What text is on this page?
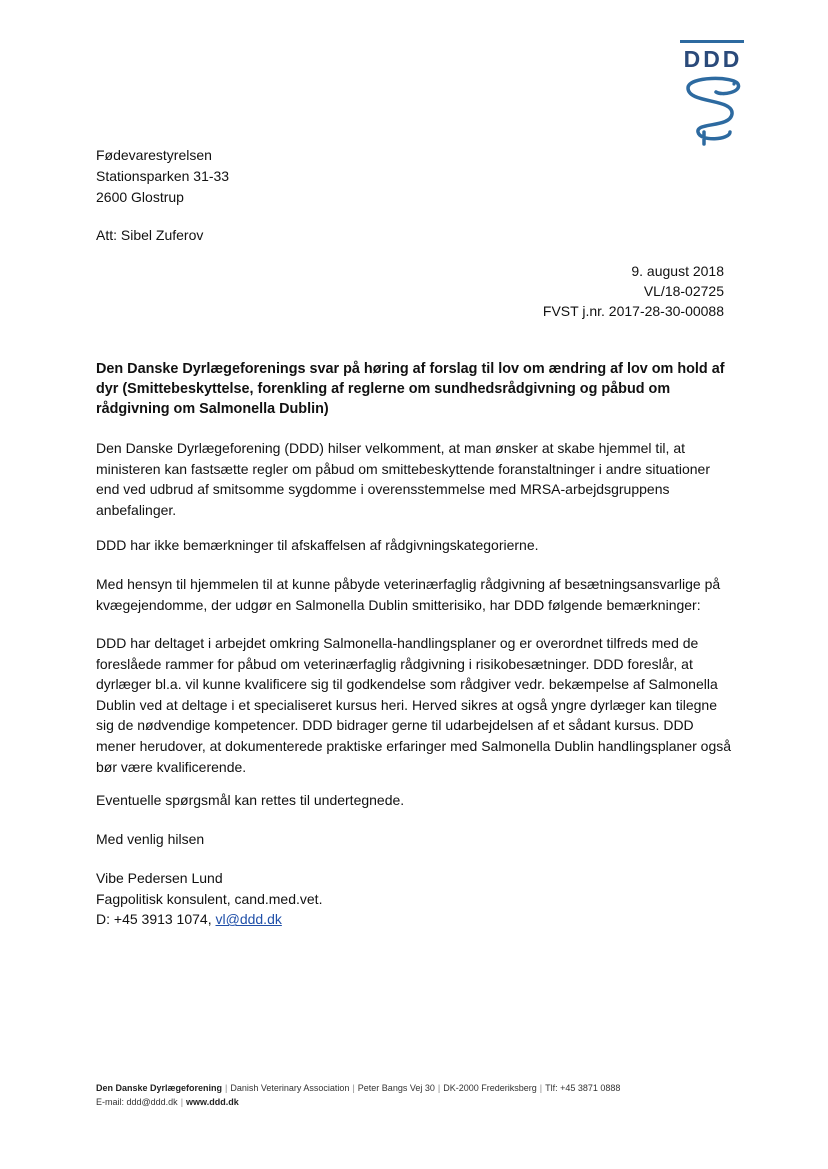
DDD
Fødevarestyrelsen
Stationsparken 31-33
2600 Glostrup
Att: Sibel Zuferov
9. august 2018
VL/18-02725
FVST j.nr. 2017-28-30-00088
Den Danske Dyrlægeforenings svar på høring af forslag til lov om ændring af lov om hold af dyr (Smittebeskyttelse, forenkling af reglerne om sundhedsrådgivning og påbud om rådgivning om Salmonella Dublin)

Den Danske Dyrlægeforening (DDD) hilser velkomment, at man ønsker at skabe hjemmel til, at ministeren kan fastsætte regler om påbud om smittebeskyttende foranstaltninger i andre situationer end ved udbrud af smitsomme sygdomme i overensstemmelse med MRSA-arbejdsgruppens anbefalinger.

DDD har ikke bemærkninger til afskaffelsen af rådgivningskategorierne.

Med hensyn til hjemmelen til at kunne påbyde veterinærfaglig rådgivning af besætningsansvarlige på kvægejendomme, der udgør en Salmonella Dublin smitterisiko, har DDD følgende bemærkninger:

DDD har deltaget i arbejdet omkring Salmonella-handlingsplaner og er overordnet tilfreds med de foreslåede rammer for påbud om veterinærfaglig rådgivning i risikobesætninger. DDD foreslår, at dyrlæger bl.a. vil kunne kvalificere sig til godkendelse som rådgiver vedr. bekæmpelse af Salmonella Dublin ved at deltage i et specialiseret kursus heri. Herved sikres at også yngre dyrlæger kan tilegne sig de nødvendige kompetencer. DDD bidrager gerne til udarbejdelsen af et sådant kursus. DDD mener herudover, at dokumenterede praktiske erfaringer med Salmonella Dublin handlingsplaner også bør være kvalificerende.

Eventuelle spørgsmål kan rettes til undertegnede.

Med venlig hilsen

Vibe Pedersen Lund
Fagpolitisk konsulent, cand.med.vet.
D: +45 3913 1074, vl@ddd.dk
Den Danske Dyrlægeforening | Danish Veterinary Association | Peter Bangs Vej 30 | DK-2000 Frederiksberg | Tlf: +45 3871 0888
E-mail: ddd@ddd.dk | www.ddd.dk
